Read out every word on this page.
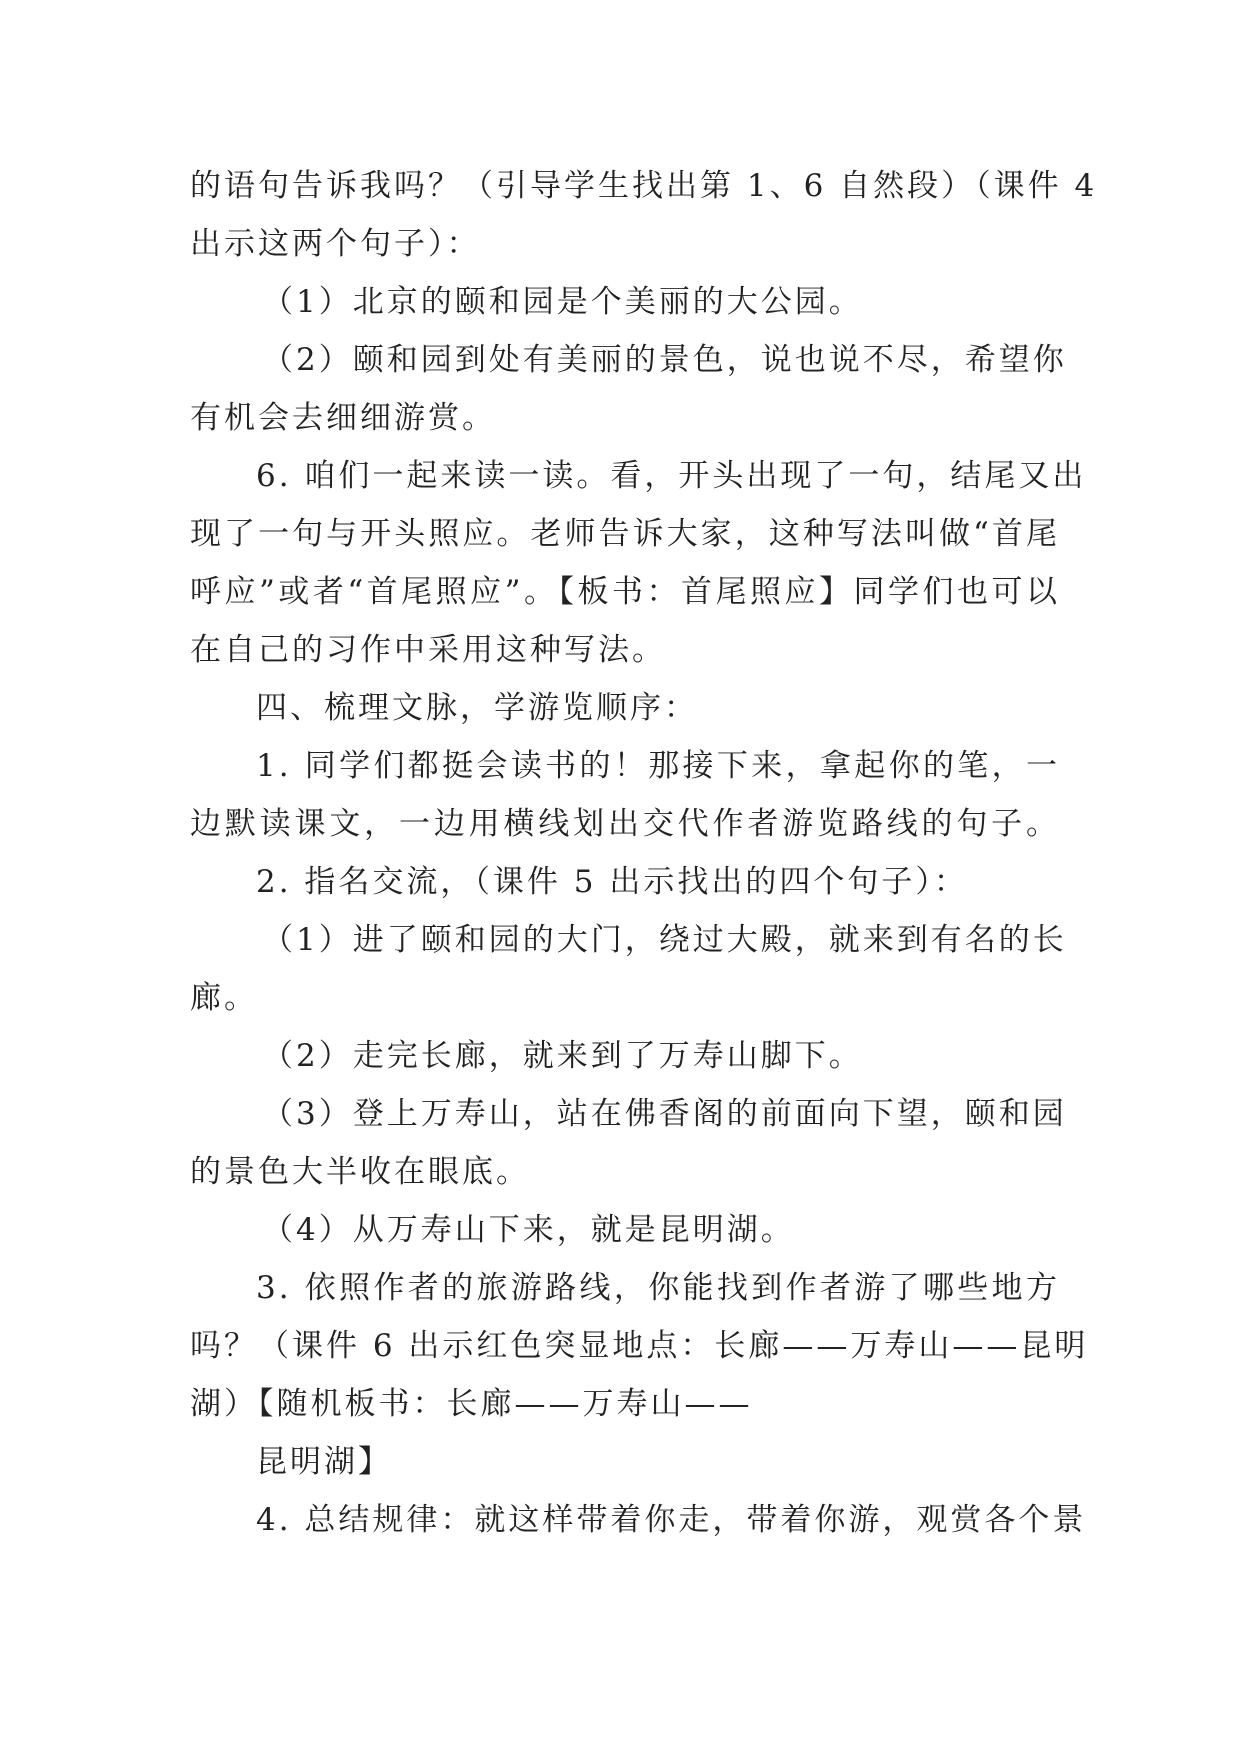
的语句告诉我吗？（引导学生找出第 1、6 自然段）（课件 4
出示这两个句子）：
（1）北京的颐和园是个美丽的大公园。
（2）颐和园到处有美丽的景色，说也说不尽，希望你
有机会去细细游赏。
6. 咱们一起来读一读。看，开头出现了一句，结尾又出
现了一句与开头照应。老师告诉大家，这种写法叫做“首尾
呼应”或者“首尾照应”。【板书：首尾照应】同学们也可以
在自己的习作中采用这种写法。
四、梳理文脉，学游览顺序：
1. 同学们都挺会读书的！那接下来，拿起你的笔，一
边默读课文，一边用横线划出交代作者游览路线的句子。
2. 指名交流，（课件 5 出示找出的四个句子）：
（1）进了颐和园的大门，绕过大殿，就来到有名的长
廊。
（2）走完长廊，就来到了万寿山脚下。
（3）登上万寿山，站在佛香阁的前面向下望，颐和园
的景色大半收在眼底。
（4）从万寿山下来，就是昆明湖。
3. 依照作者的旅游路线，你能找到作者游了哪些地方
吗？（课件 6 出示红色突显地点：长廊——万寿山——昆明
湖）【随机板书：长廊——万寿山——
昆明湖】
4. 总结规律：就这样带着你走，带着你游，观赏各个景
